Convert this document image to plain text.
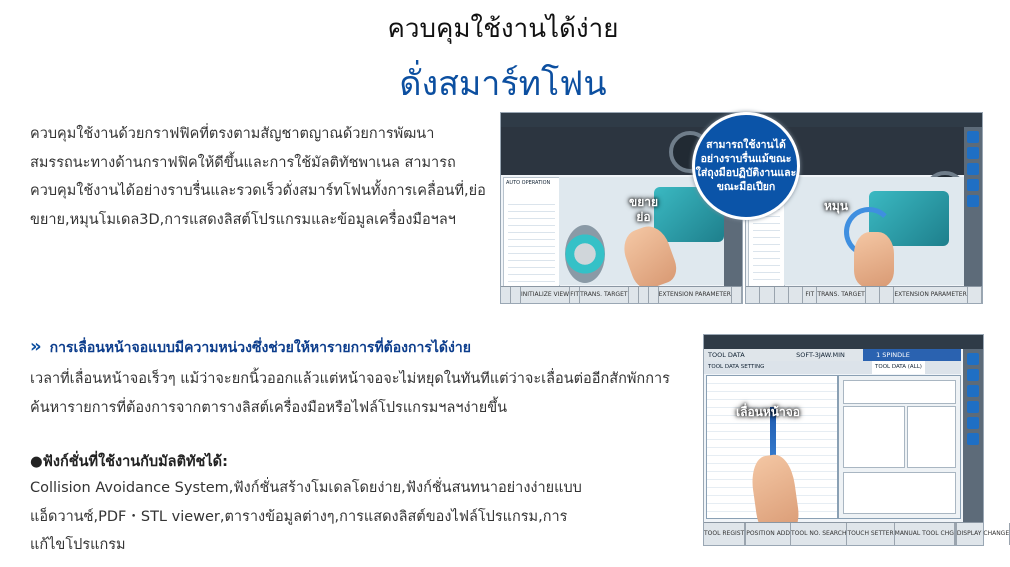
ควบคุมใช้งานได้ง่าย
ดั่งสมาร์ทโฟน
ควบคุมใช้งานด้วยกราฟฟิคที่ตรงตามสัญชาตญาณด้วยการพัฒนาสมรรถนะทางด้านกราฟฟิคให้ดีขึ้นและการใช้มัลติทัชพาเนล สามารถควบคุมใช้งานได้อย่างราบรื่นและรวดเร็วดั่งสมาร์ทโฟนทั้งการเคลื่อนที่,ย่อขยาย,หมุนโมเดล3D,การแสดงลิสต์โปรแกรมและข้อมูลเครื่องมือฯลฯ
AUTO OPERATION
ขยาย
ย่อ
INITIALIZE VIEW FIT TRANS. TARGET	EXTENSION PARAMETER
หมุน
FIT TRANS. TARGET	EXTENSION PARAMETER
สามารถใช้งานได้อย่างราบรื่นแม้ขณะใส่ถุงมือปฏิบัติงานและขณะมือเปียก
» การเลื่อนหน้าจอแบบมีความหน่วงซึ่งช่วยให้หารายการที่ต้องการได้ง่าย
เวลาที่เลื่อนหน้าจอเร็วๆ แม้ว่าจะยกนิ้วออกแล้วแต่หน้าจอจะไม่หยุดในทันทีแต่ว่าจะเลื่อนต่ออีกสักพักการค้นหารายการที่ต้องการจากตารางลิสต์เครื่องมือหรือไฟล์โปรแกรมฯลฯง่ายขึ้น
●ฟังก์ชั่นที่ใช้งานกับมัลติทัชได้:
Collision Avoidance System,ฟังก์ชั่นสร้างโมเดลโดยง่าย,ฟังก์ชั่นสนทนาอย่างง่ายแบบแอ็ดวานซ์,PDF・STL viewer,ตารางข้อมูลต่างๆ,การแสดงลิสต์ของไฟล์โปรแกรม,การแก้ไขโปรแกรม
TOOL DATA	SOFT-3JAW.MIN	1 SPINDLE
TOOL DATA SETTING	TOOL DATA (ALL)
เลื่อนหน้าจอ
TOOL REGIST POSITION ADD TOOL NO. SEARCH TOUCH SETTER MANUAL TOOL CHG DISPLAY CHANGE
